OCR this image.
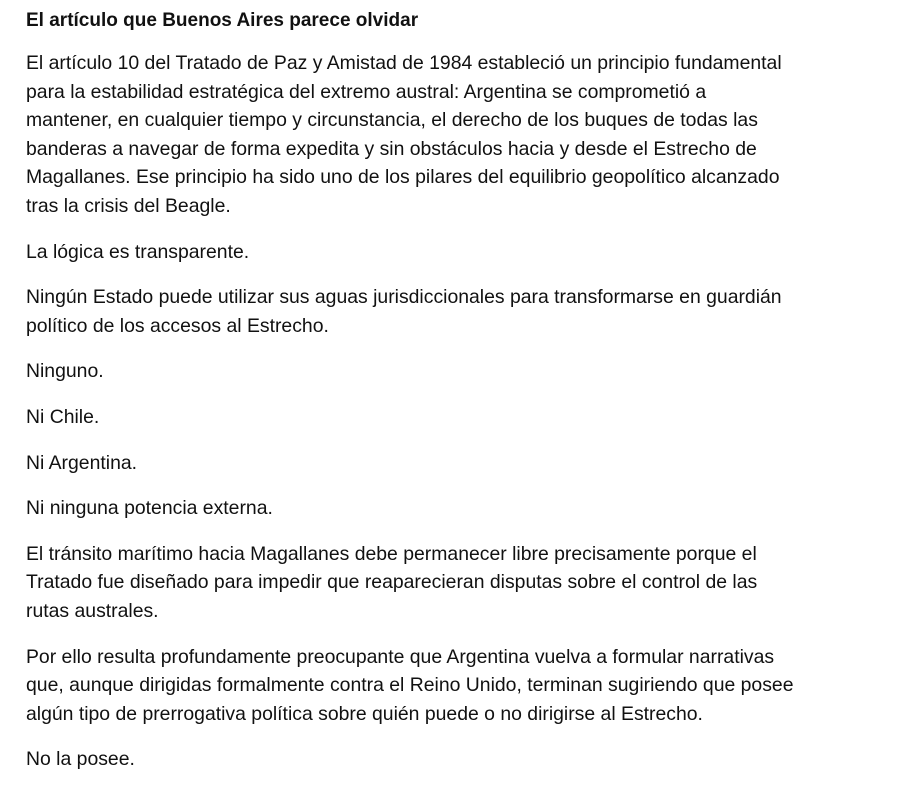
El artículo que Buenos Aires parece olvidar

El artículo 10 del Tratado de Paz y Amistad de 1984 estableció un principio fundamental
para la estabilidad estratégica del extremo austral: Argentina se comprometió a
mantener, en cualquier tiempo y circunstancia, el derecho de los buques de todas las
banderas a navegar de forma expedita y sin obstáculos hacia y desde el Estrecho de
Magallanes. Ese principio ha sido uno de los pilares del equilibrio geopolítico alcanzado
tras la crisis del Beagle.

La lógica es transparente.

Ningún Estado puede utilizar sus aguas jurisdiccionales para transformarse en guardián
político de los accesos al Estrecho.

Ninguno.

Ni Chile.

Ni Argentina.

Ni ninguna potencia externa.

El tránsito marítimo hacia Magallanes debe permanecer libre precisamente porque el
Tratado fue diseñado para impedir que reaparecieran disputas sobre el control de las
rutas australes.

Por ello resulta profundamente preocupante que Argentina vuelva a formular narrativas
que, aunque dirigidas formalmente contra el Reino Unido, terminan sugiriendo que posee
algún tipo de prerrogativa política sobre quién puede o no dirigirse al Estrecho.

No la posee.
